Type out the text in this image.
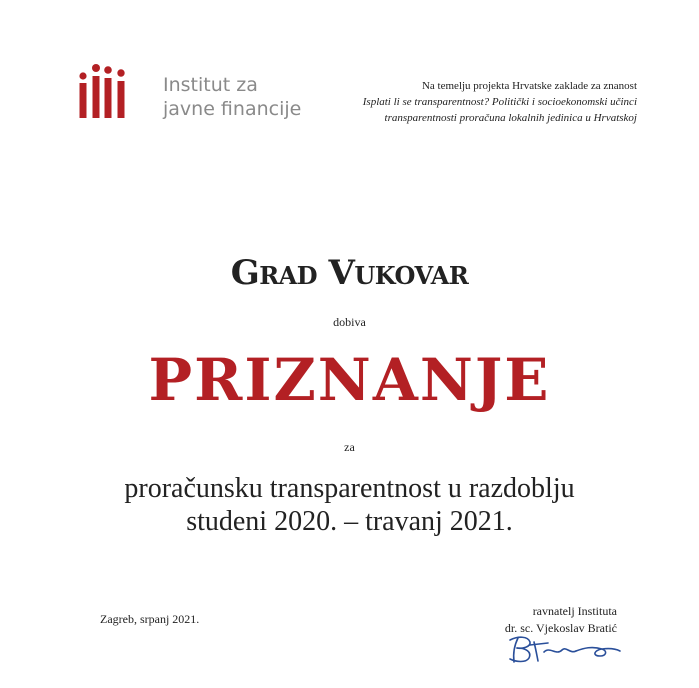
Institut za
javne financije
Na temelju projekta Hrvatske zaklade za znanost
Isplati li se transparentnost? Politički i socioekonomski učinci
transparentnosti proračuna lokalnih jedinica u Hrvatskoj
Grad Vukovar
dobiva
PRIZNANJE
za
proračunsku transparentnost u razdoblju
studeni 2020. – travanj 2021.
Zagreb, srpanj 2021.
ravnatelj Instituta
dr. sc. Vjekoslav Bratić
